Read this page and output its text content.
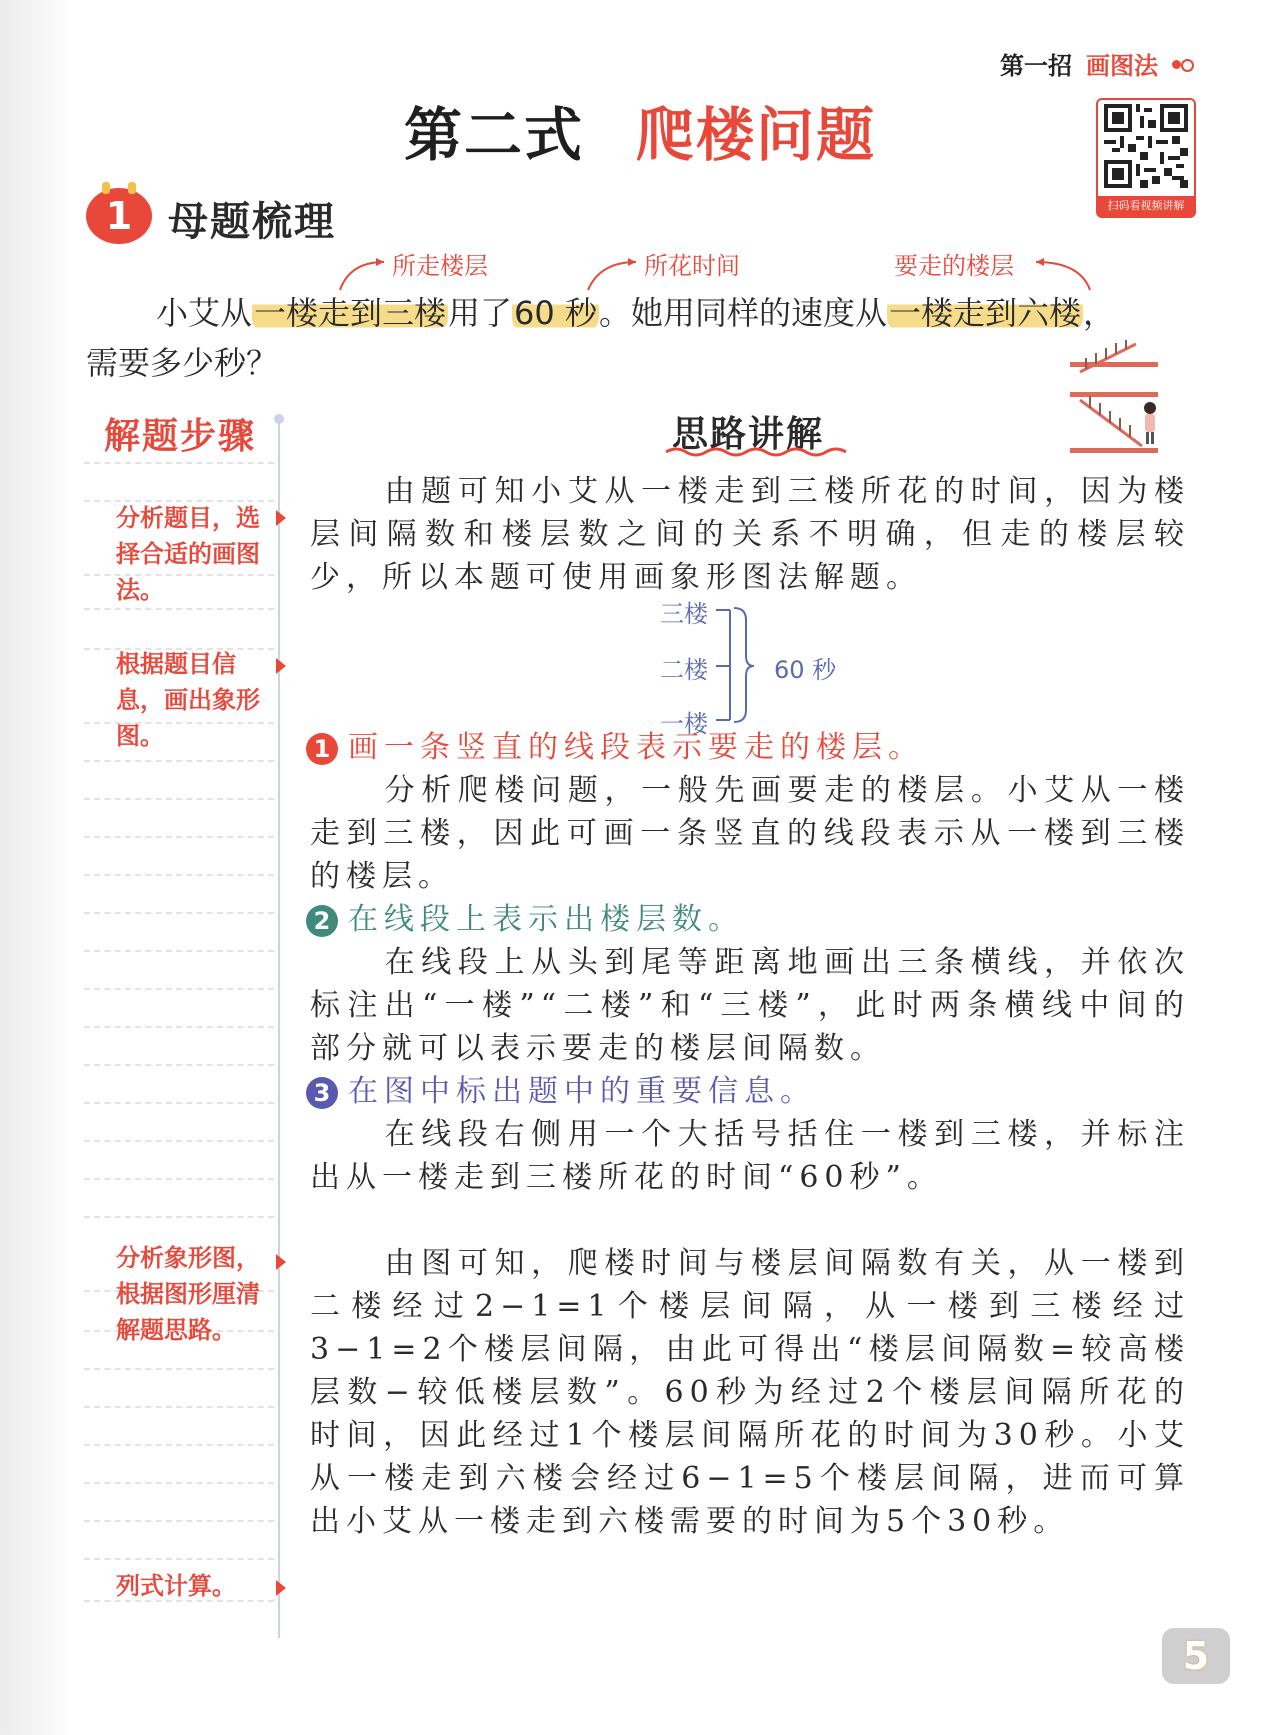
第一招 画图法
第二式 爬楼问题
扫码看视频讲解
1 母题梳理
所走楼层	所花时间	要走的楼层
小艾从一楼走到三楼用了60 秒。她用同样的速度从一楼走到六楼，
需要多少秒？
解题步骤
分析题目，选择合适的画图法。
根据题目信息，画出象形图。
分析象形图，根据图形厘清解题思路。
列式计算。
思路讲解
由题可知小艾从一楼走到三楼所花的时间，因为楼层间隔数和楼层数之间的关系不明确，但走的楼层较少，所以本题可使用画象形图法解题。
三楼
二楼
一楼
60 秒
1 画一条竖直的线段表示要走的楼层。
分析爬楼问题，一般先画要走的楼层。小艾从一楼走到三楼，因此可画一条竖直的线段表示从一楼到三楼的楼层。
2 在线段上表示出楼层数。
在线段上从头到尾等距离地画出三条横线，并依次标注出“一楼”“二楼”和“三楼”，此时两条横线中间的部分就可以表示要走的楼层间隔数。
3 在图中标出题中的重要信息。
在线段右侧用一个大括号括住一楼到三楼，并标注出从一楼走到三楼所花的时间“60秒”。
由图可知，爬楼时间与楼层间隔数有关，从一楼到二楼经过2−1=1个楼层间隔，从一楼到三楼经过3−1=2个楼层间隔，由此可得出“楼层间隔数=较高楼层数−较低楼层数”。60秒为经过2个楼层间隔所花的时间，因此经过1个楼层间隔所花的时间为30秒。小艾从一楼走到六楼会经过6−1=5个楼层间隔，进而可算出小艾从一楼走到六楼需要的时间为5个30秒。
5
